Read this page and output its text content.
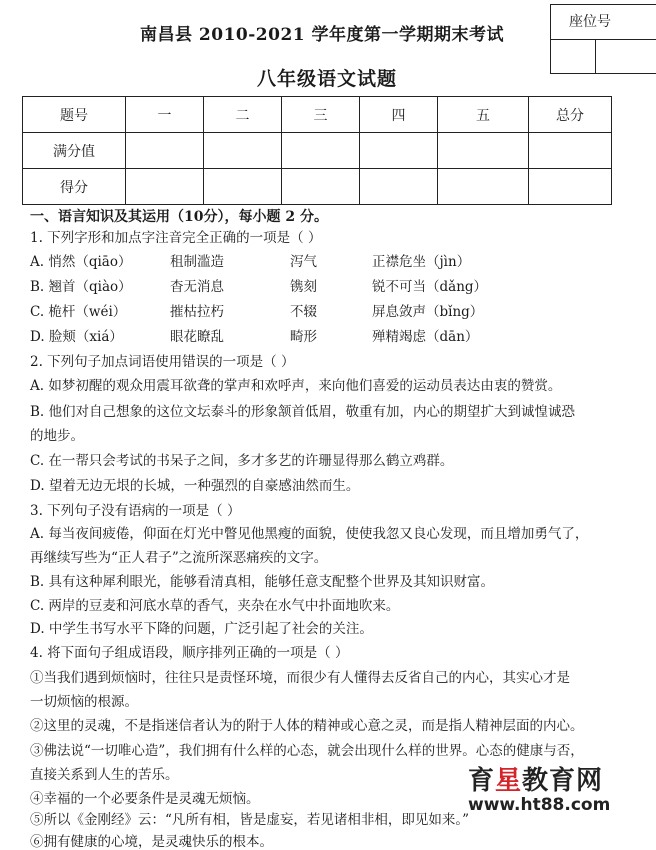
南昌县 2010-2021 学年度第一学期期末考试
座位号
八年级语文试题
题号	一	二	三	四	五	总分
满分值						
得分						
一、语言知识及其运用（10分），每小题 2 分。
1. 下列字形和加点字注音完全正确的一项是（ ）
A. 悄然（qiāo）	租制滥造	泻气	正襟危坐（jìn）
B. 翘首（qiào）	杳无消息	镌刻	锐不可当（dǎng）
C. 桅杆（wéi）	摧枯拉朽	不辍	屏息敛声（bǐng）
D. 脸颊（xiá）	眼花瞭乱	畸形	殚精竭虑（dān）
2. 下列句子加点词语使用错误的一项是（ ）
A. 如梦初醒的观众用震耳欲聋的掌声和欢呼声，来向他们喜爱的运动员表达由衷的赞赏。
B. 他们对自己想象的这位文坛泰斗的形象颔首低眉，敬重有加，内心的期望扩大到诚惶诚恐
的地步。
C. 在一帮只会考试的书呆子之间，多才多艺的许珊显得那么鹤立鸡群。
D. 望着无边无垠的长城，一种强烈的自豪感油然而生。
3. 下列句子没有语病的一项是（ ）
A. 每当夜间疲倦，仰面在灯光中瞥见他黑瘦的面貌，使使我忽又良心发现，而且增加勇气了，
再继续写些为“正人君子”之流所深恶痛疾的文字。
B. 具有这种犀利眼光，能够看清真相，能够任意支配整个世界及其知识财富。
C. 两岸的豆麦和河底水草的香气，夹杂在水气中扑面地吹来。
D. 中学生书写水平下降的问题，广泛引起了社会的关注。
4. 将下面句子组成语段，顺序排列正确的一项是（ ）
①当我们遇到烦恼时，往往只是责怪环境，而很少有人懂得去反省自己的内心，其实心才是
一切烦恼的根源。
②这里的灵魂，不是指迷信者认为的附于人体的精神或心意之灵，而是指人精神层面的内心。
③佛法说“一切唯心造”，我们拥有什么样的心态，就会出现什么样的世界。心态的健康与否，
直接关系到人生的苦乐。
④幸福的一个必要条件是灵魂无烦恼。
⑤所以《金刚经》云：“凡所有相，皆是虚妄，若见诸相非相，即见如来。”
⑥拥有健康的心境，是灵魂快乐的根本。
育星教育网
www.ht88.com
